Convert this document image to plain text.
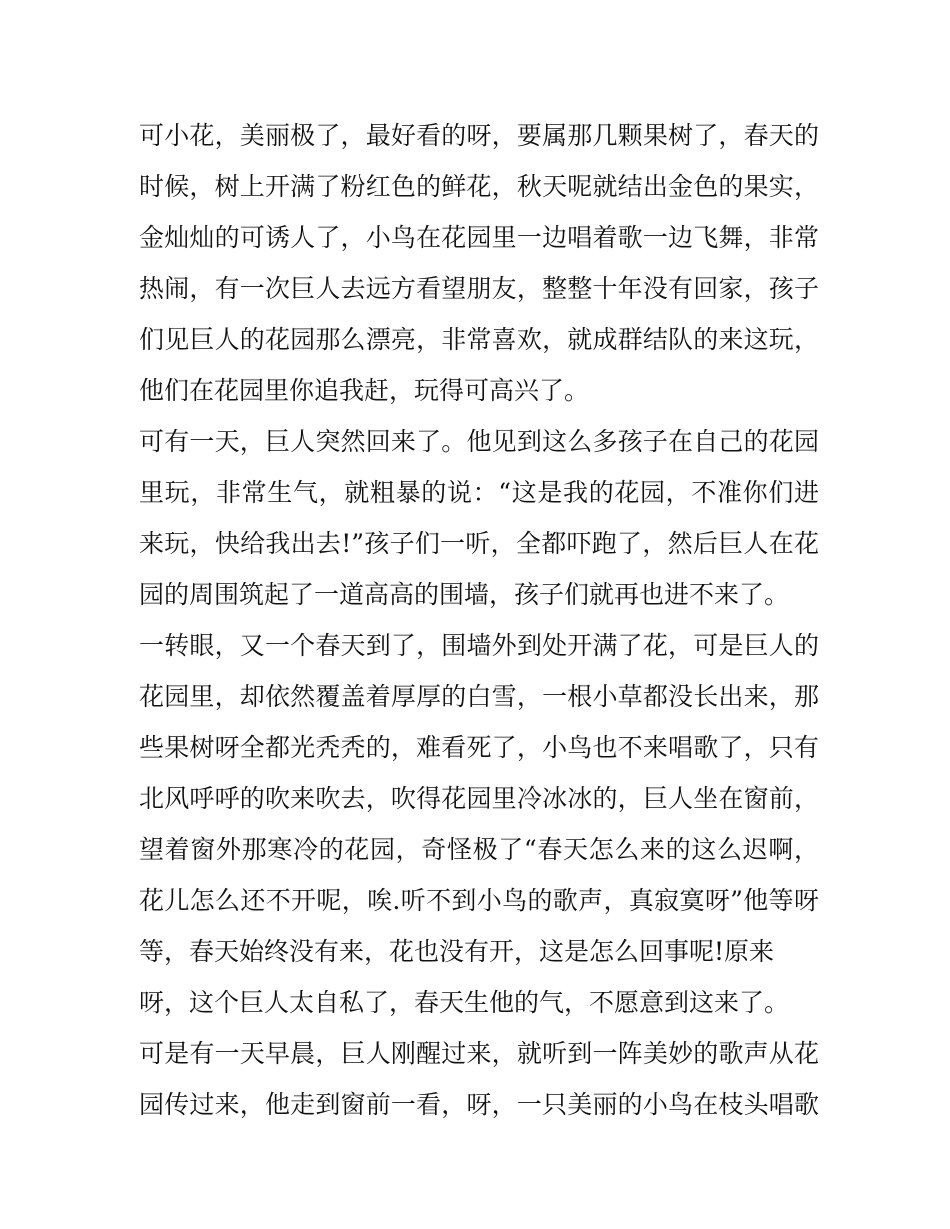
可小花，美丽极了，最好看的呀，要属那几颗果树了，春天的
时候，树上开满了粉红色的鲜花，秋天呢就结出金色的果实，
金灿灿的可诱人了，小鸟在花园里一边唱着歌一边飞舞，非常
热闹，有一次巨人去远方看望朋友，整整十年没有回家，孩子
们见巨人的花园那么漂亮，非常喜欢，就成群结队的来这玩，
他们在花园里你追我赶，玩得可高兴了。
可有一天，巨人突然回来了。他见到这么多孩子在自己的花园
里玩，非常生气，就粗暴的说：“这是我的花园，不准你们进
来玩，快给我出去!”孩子们一听，全都吓跑了，然后巨人在花
园的周围筑起了一道高高的围墙，孩子们就再也进不来了。
一转眼，又一个春天到了，围墙外到处开满了花，可是巨人的
花园里，却依然覆盖着厚厚的白雪，一根小草都没长出来，那
些果树呀全都光秃秃的，难看死了，小鸟也不来唱歌了，只有
北风呼呼的吹来吹去，吹得花园里冷冰冰的，巨人坐在窗前，
望着窗外那寒冷的花园，奇怪极了“春天怎么来的这么迟啊，
花儿怎么还不开呢，唉.听不到小鸟的歌声，真寂寞呀”他等呀
等，春天始终没有来，花也没有开，这是怎么回事呢!原来
呀，这个巨人太自私了，春天生他的气，不愿意到这来了。
可是有一天早晨，巨人刚醒过来，就听到一阵美妙的歌声从花
园传过来，他走到窗前一看，呀，一只美丽的小鸟在枝头唱歌
